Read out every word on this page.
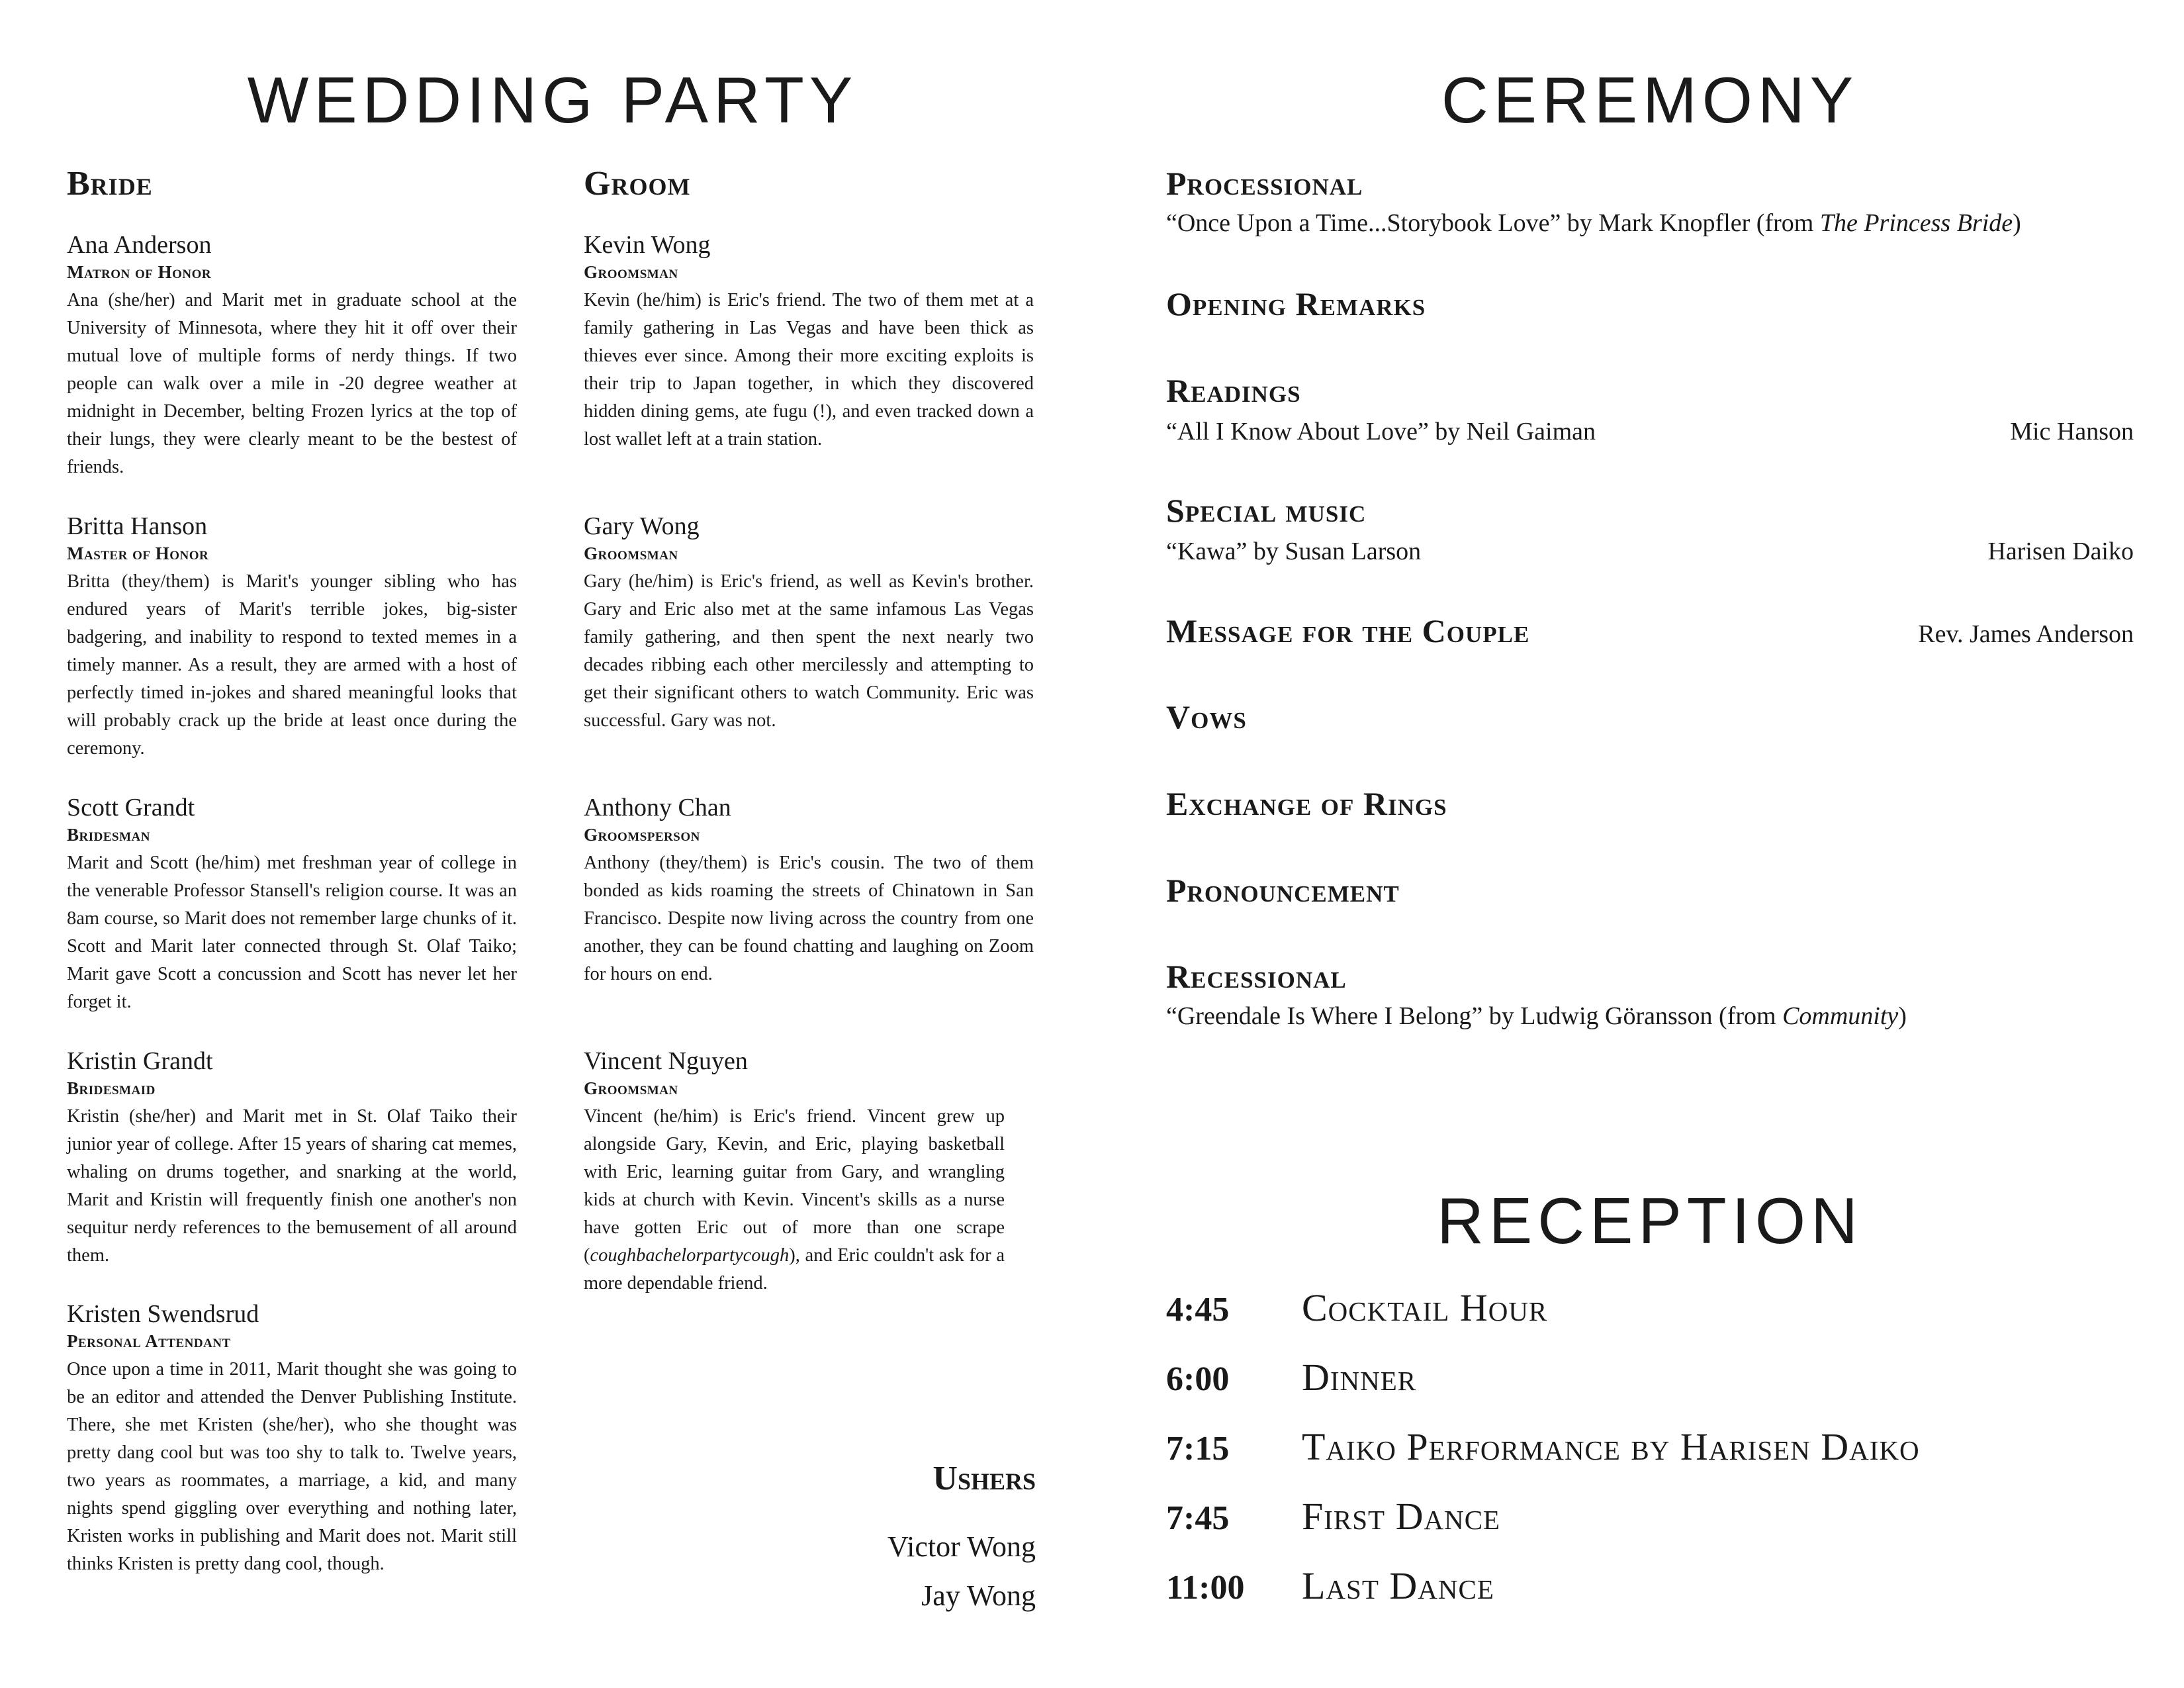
WEDDING PARTY
Bride	Groom
Ana Anderson
Matron of Honor
Ana (she/her) and Marit met in graduate school at the University of Minnesota, where they hit it off over their mutual love of multiple forms of nerdy things. If two people can walk over a mile in -20 degree weather at midnight in December, belting Frozen lyrics at the top of their lungs, they were clearly meant to be the bestest of friends.
Britta Hanson
Master of Honor
Britta (they/them) is Marit's younger sibling who has endured years of Marit's terrible jokes, big-sister badgering, and inability to respond to texted memes in a timely manner. As a result, they are armed with a host of perfectly timed in-jokes and shared meaningful looks that will probably crack up the bride at least once during the ceremony.
Scott Grandt
Bridesman
Marit and Scott (he/him) met freshman year of college in the venerable Professor Stansell's religion course. It was an 8am course, so Marit does not remember large chunks of it. Scott and Marit later connected through St. Olaf Taiko; Marit gave Scott a concussion and Scott has never let her forget it.
Kristin Grandt
Bridesmaid
Kristin (she/her) and Marit met in St. Olaf Taiko their junior year of college. After 15 years of sharing cat memes, whaling on drums together, and snarking at the world, Marit and Kristin will frequently finish one another's non sequitur nerdy references to the bemusement of all around them.
Kristen Swendsrud
Personal Attendant
Once upon a time in 2011, Marit thought she was going to be an editor and attended the Denver Publishing Institute. There, she met Kristen (she/her), who she thought was pretty dang cool but was too shy to talk to. Twelve years, two years as roommates, a marriage, a kid, and many nights spend giggling over everything and nothing later, Kristen works in publishing and Marit does not. Marit still thinks Kristen is pretty dang cool, though.
Kevin Wong
Groomsman
Kevin (he/him) is Eric's friend. The two of them met at a family gathering in Las Vegas and have been thick as thieves ever since. Among their more exciting exploits is their trip to Japan together, in which they discovered hidden dining gems, ate fugu (!), and even tracked down a lost wallet left at a train station.
Gary Wong
Groomsman
Gary (he/him) is Eric's friend, as well as Kevin's brother. Gary and Eric also met at the same infamous Las Vegas family gathering, and then spent the next nearly two decades ribbing each other mercilessly and attempting to get their significant others to watch Community. Eric was successful. Gary was not.
Anthony Chan
Groomsperson
Anthony (they/them) is Eric's cousin. The two of them bonded as kids roaming the streets of Chinatown in San Francisco. Despite now living across the country from one another, they can be found chatting and laughing on Zoom for hours on end.
Vincent Nguyen
Groomsman
Vincent (he/him) is Eric's friend. Vincent grew up alongside Gary, Kevin, and Eric, playing basketball with Eric, learning guitar from Gary, and wrangling kids at church with Kevin. Vincent's skills as a nurse have gotten Eric out of more than one scrape (coughbachelorpartycough), and Eric couldn't ask for a more dependable friend.
Ushers
Victor Wong
Jay Wong
CEREMONY
Processional
“Once Upon a Time...Storybook Love” by Mark Knopfler (from The Princess Bride)
Opening Remarks
Readings
“All I Know About Love” by Neil Gaiman	Mic Hanson
Special music
“Kawa” by Susan Larson	Harisen Daiko
Message for the Couple	Rev. James Anderson
Vows
Exchange of Rings
Pronouncement
Recessional
“Greendale Is Where I Belong” by Ludwig Göransson (from Community)
RECEPTION
4:45	Cocktail Hour
6:00	Dinner
7:15	Taiko Performance by Harisen Daiko
7:45	First Dance
11:00	Last Dance
